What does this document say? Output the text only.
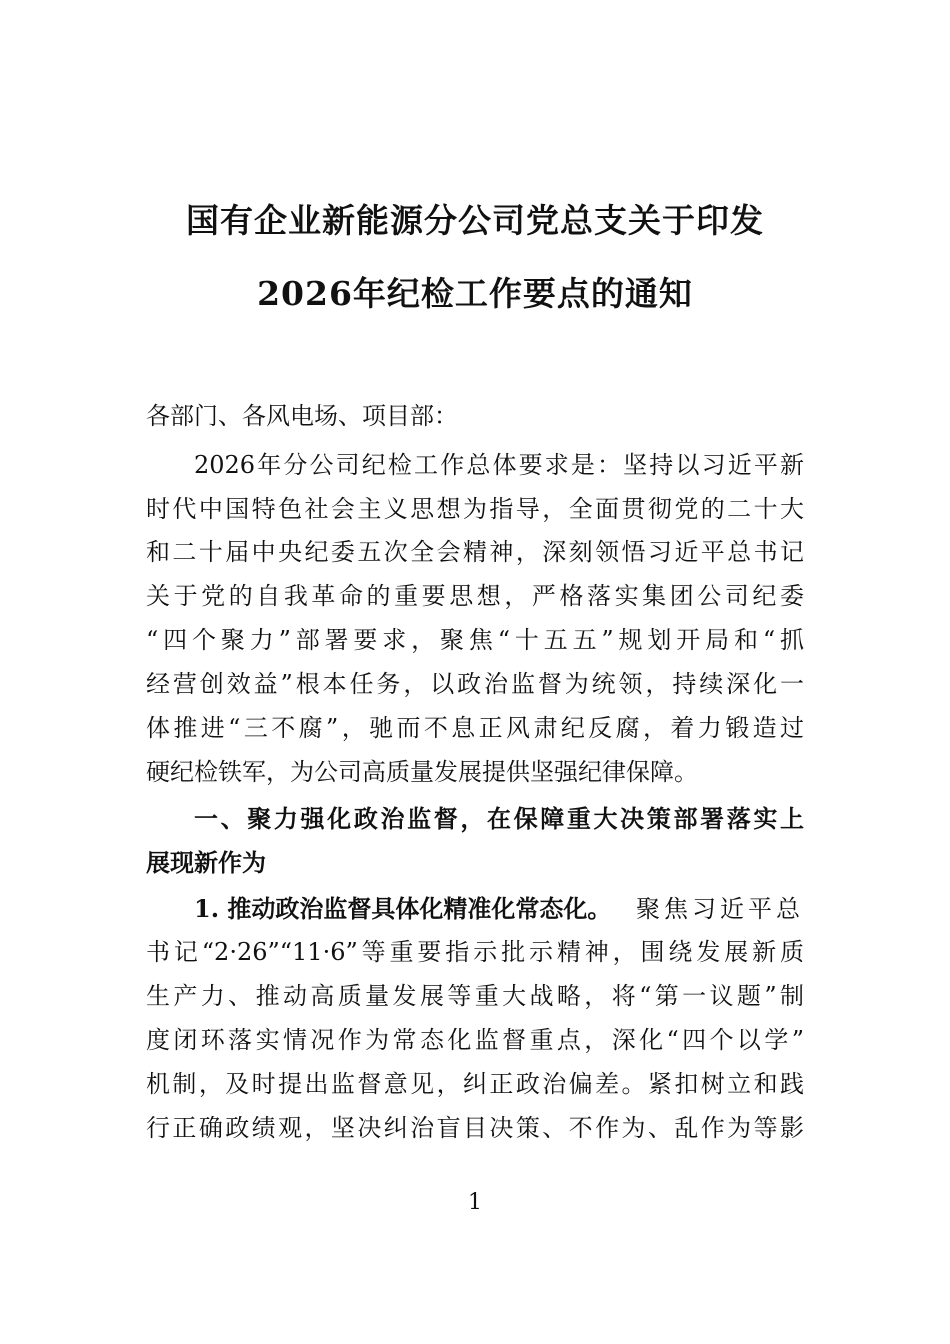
国有企业新能源分公司党总支关于印发
2026年纪检工作要点的通知

各部门、各风电场、项目部：

2026年分公司纪检工作总体要求是：坚持以习近平新

时代中国特色社会主义思想为指导，全面贯彻党的二十大

和二十届中央纪委五次全会精神，深刻领悟习近平总书记

关于党的自我革命的重要思想，严格落实集团公司纪委

“四个聚力”部署要求，聚焦“十五五”规划开局和“抓

经营创效益”根本任务，以政治监督为统领，持续深化一

体推进“三不腐”，驰而不息正风肃纪反腐，着力锻造过

硬纪检铁军，为公司高质量发展提供坚强纪律保障。

一、聚力强化政治监督，在保障重大决策部署落实上

展现新作为

1. 推动政治监督具体化精准化常态化。 聚焦习近平总

书记“2·26”“11·6”等重要指示批示精神，围绕发展新质

生产力、推动高质量发展等重大战略，将“第一议题”制

度闭环落实情况作为常态化监督重点，深化“四个以学”

机制，及时提出监督意见，纠正政治偏差。紧扣树立和践

行正确政绩观，坚决纠治盲目决策、不作为、乱作为等影

1
